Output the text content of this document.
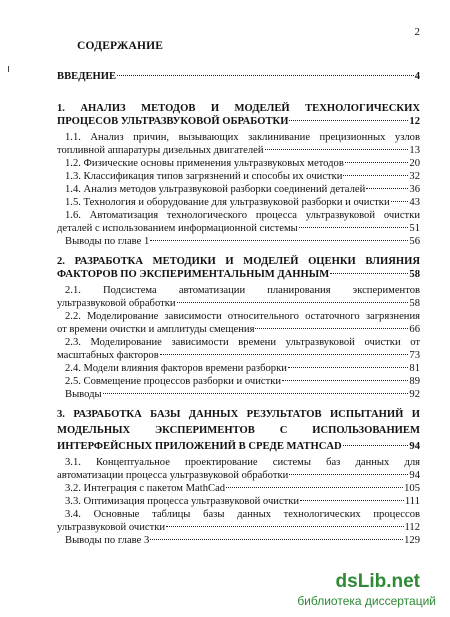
2
СОДЕРЖАНИЕ
ВВЕДЕНИЕ	4
1. АНАЛИЗ МЕТОДОВ И МОДЕЛЕЙ ТЕХНОЛОГИЧЕСКИХ
ПРОЦЕСОВ УЛЬТРАЗВУКОВОЙ ОБРАБОТКИ	12
1.1. Анализ причин, вызывающих заклинивание прецизионных узлов
топливной аппаратуры дизельных двигателей	13
1.2. Физические основы применения ультразвуковых методов	20
1.3. Классификация типов загрязнений и способы их очистки	32
1.4. Анализ методов ультразвуковой разборки соединений деталей	36
1.5. Технология и оборудование для ультразвуковой разборки и очистки 43
1.6. Автоматизация технологического процесса ультразвуковой очистки
деталей с использованием информационной системы	51
Выводы по главе 1	56
2. РАЗРАБОТКА МЕТОДИКИ И МОДЕЛЕЙ ОЦЕНКИ ВЛИЯНИЯ
ФАКТОРОВ ПО ЭКСПЕРИМЕНТАЛЬНЫМ ДАННЫМ	58
2.1. Подсистема автоматизации планирования экспериментов
ультразвуковой обработки	58
2.2. Моделирование зависимости относительного остаточного загрязнения
от времени очистки и амплитуды смещения	66
2.3. Моделирование зависимости времени ультразвуковой очистки от
масштабных факторов	73
2.4. Модели влияния факторов времени разборки	81
2.5. Совмещение процессов разборки и очистки	89
Выводы	92
3. РАЗРАБОТКА БАЗЫ ДАННЫХ РЕЗУЛЬТАТОВ ИСПЫТАНИЙ И
МОДЕЛЬНЫХ ЭКСПЕРИМЕНТОВ С ИСПОЛЬЗОВАНИЕМ
ИНТЕРФЕЙСНЫХ ПРИЛОЖЕНИЙ В СРЕДЕ MATHCAD	94
3.1. Концептуальное проектирование системы баз данных для
автоматизации процесса ультразвуковой обработки	94
3.2. Интеграция с пакетом MathCad	105
3.3. Оптимизация процесса ультразвуковой очистки	111
3.4. Основные таблицы базы данных технологических процессов
ультразвуковой очистки	112
Выводы по главе 3	129
dsLib.net
библиотека диссертаций
